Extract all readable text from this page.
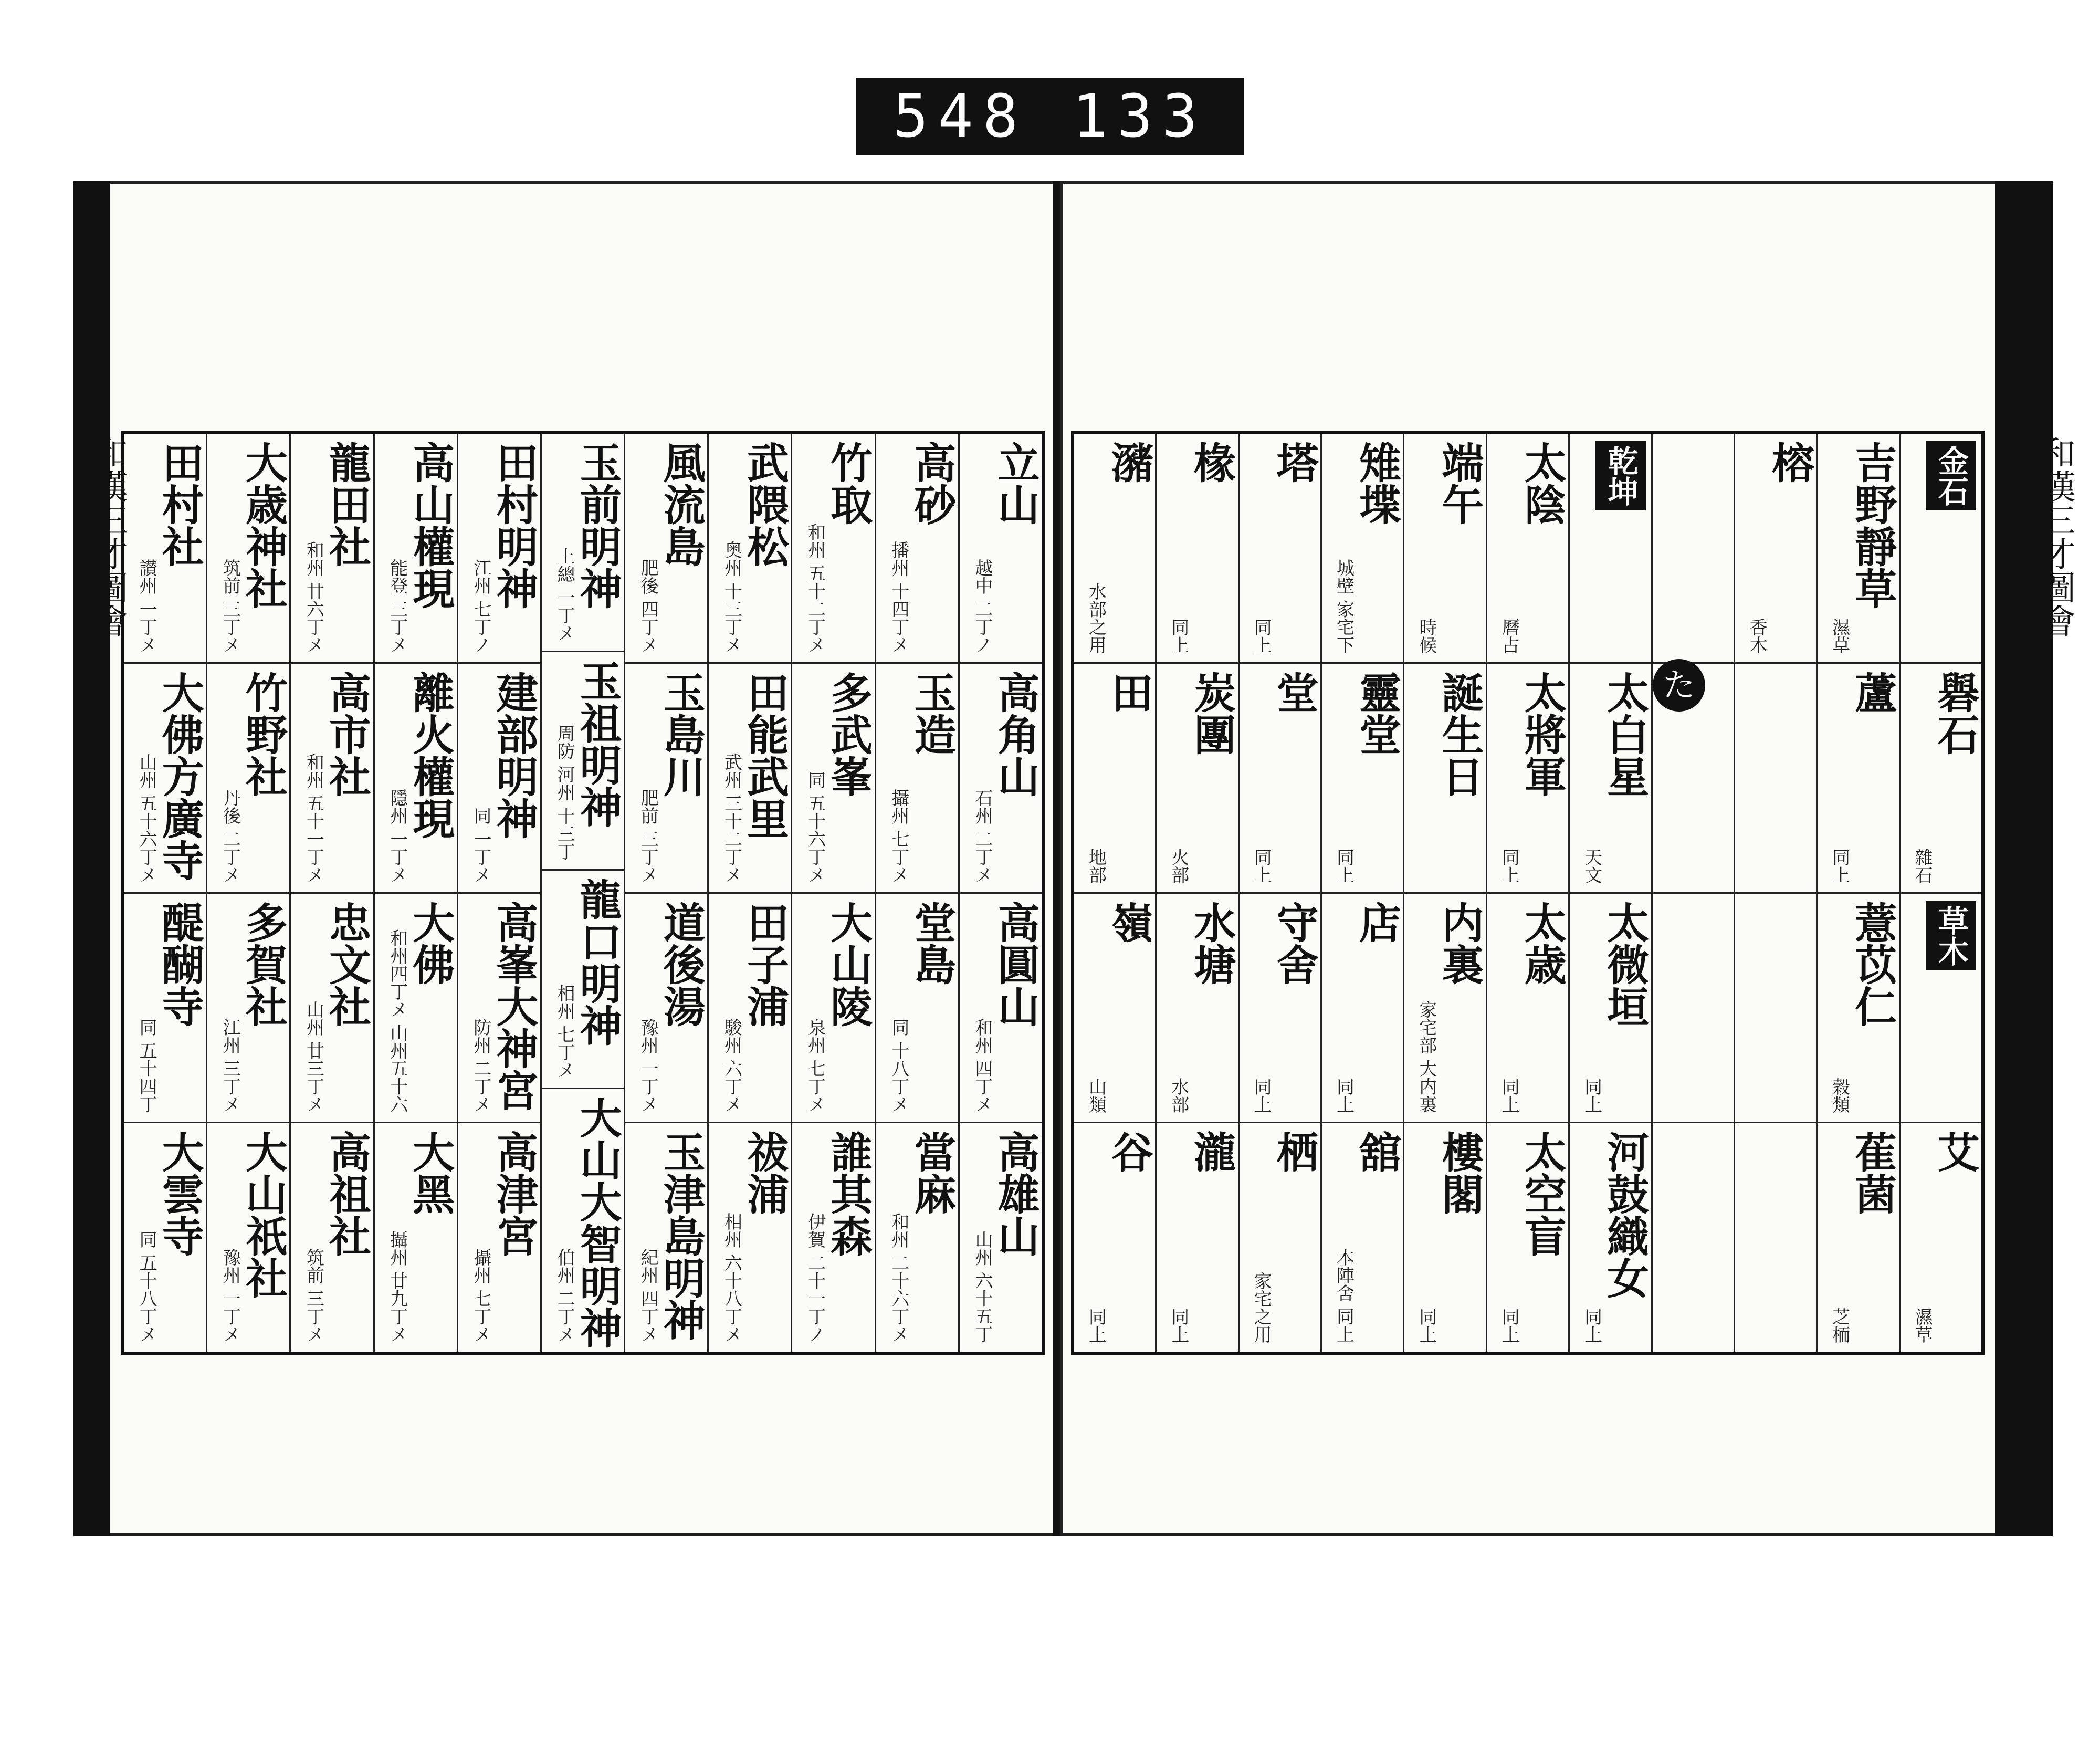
548 133
和漢三才圖會	和漢三才圖會
立山
越中 二丁ノ
高角山
石州 二丁メ
高圓山
和州 四丁メ
高雄山
山州 六十五丁
高砂
播州 十四丁メ
玉造
攝州 七丁メ
堂島
同 十八丁メ
當麻
和州 二十六丁メ
竹取
和州 五十二丁メ
多武峯
同 五十六丁メ
大山陵
泉州 七丁メ
誰其森
伊賀 二十一丁ノ
武隈松
奥州 十三丁メ
田能武里
武州 三十二丁メ
田子浦
駿州 六丁メ
祓浦
相州 六十八丁メ
風流島
肥後 四丁メ
玉島川
肥前 三丁メ
道後湯
豫州 一丁メ
玉津島明神
紀州 四丁メ
玉前明神
上總 一丁メ
玉祖明神
周防 河州 十三丁
龍口明神
相州 七丁メ
大山大智明神
伯州 二丁メ
田村明神
江州 七丁ノ
建部明神
同 一丁メ
高峯大神宮
防州 二丁メ
高津宮
攝州 七丁メ
高山權現
能登 三丁メ
離火權現
隱州 一丁メ
大佛
和州四丁メ 山州五十六
大黑
攝州 廿九丁メ
龍田社
和州 廿六丁メ
高市社
和州 五十一丁メ
忠文社
山州 廿三丁メ
高祖社
筑前 三丁メ
大歳神社
筑前 三丁メ
竹野社
丹後 二丁メ
多賀社
江州 三丁メ
大山祇社
豫州 一丁メ
田村社
讃州 一丁メ
大佛方廣寺
山州 五十六丁メ
醍醐寺
同 五十四丁
大雲寺
同 五十八丁メ
金石
礜石
雜石
草木
艾
濕草
吉野靜草
濕草
蘆
同上
薏苡仁
穀類
萑菌
芝栭
榕
香木
乾坤
太白星
天文
太微垣
同上
河鼓織女
同上
太陰
曆占
太將軍
同上
太歳
同上
太空盲
同上
端午
時候
誕生日
内裏
家宅部 大内裏
樓閣
同上
雉堞
城壁 家宅下
靈堂
同上
店
同上
舘
本陣舍 同上
塔
同上
堂
同上
守舍
同上
栖
家宅之用
椽
同上
炭團
火部
水塘
水部
瀧
同上
瀦
水部之用
田
地部
嶺
山類
谷
同上
た
